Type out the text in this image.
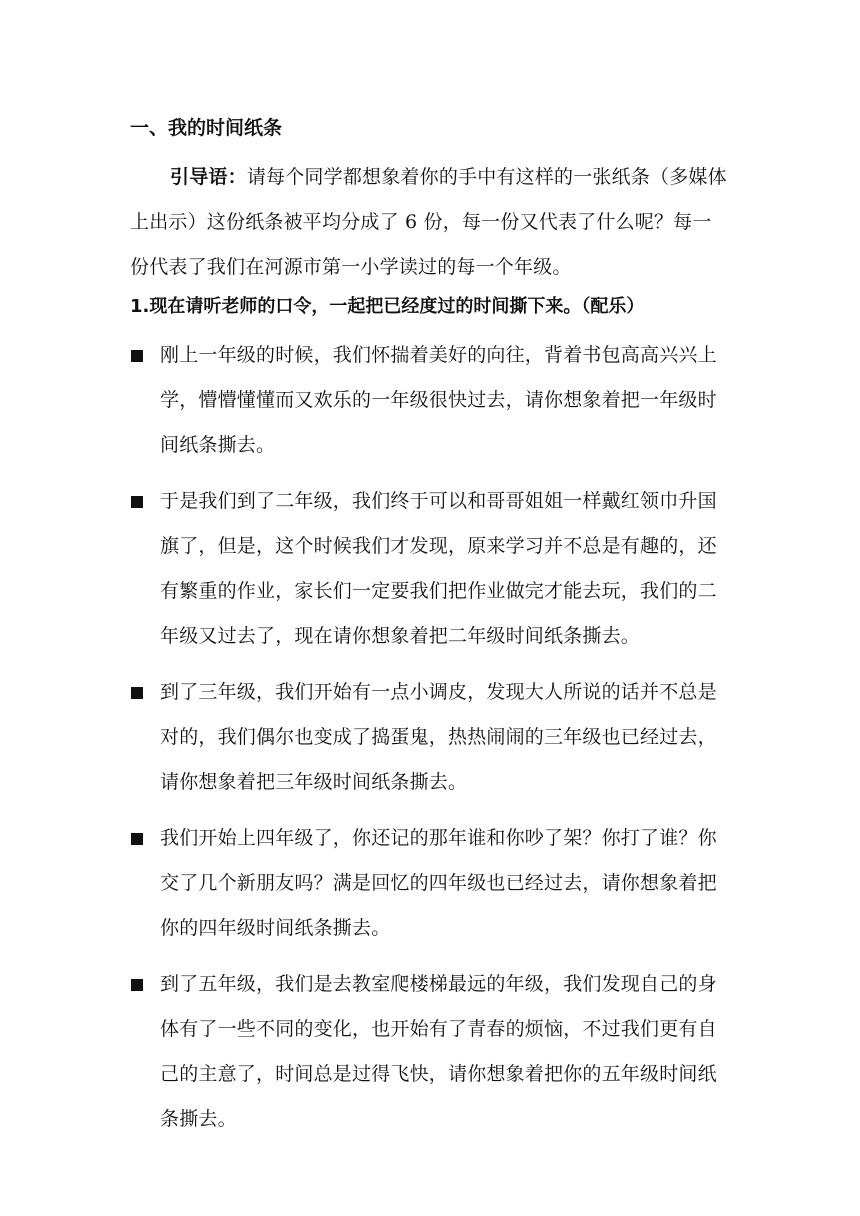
一、我的时间纸条

引导语：请每个同学都想象着你的手中有这样的一张纸条（多媒体上出示）这份纸条被平均分成了 6 份，每一份又代表了什么呢？每一份代表了我们在河源市第一小学读过的每一个年级。

1.现在请听老师的口令，一起把已经度过的时间撕下来。（配乐）
刚上一年级的时候，我们怀揣着美好的向往，背着书包高高兴兴上学，懵懵懂懂而又欢乐的一年级很快过去，请你想象着把一年级时间纸条撕去。
于是我们到了二年级，我们终于可以和哥哥姐姐一样戴红领巾升国旗了，但是，这个时候我们才发现，原来学习并不总是有趣的，还有繁重的作业，家长们一定要我们把作业做完才能去玩，我们的二年级又过去了，现在请你想象着把二年级时间纸条撕去。
到了三年级，我们开始有一点小调皮，发现大人所说的话并不总是对的，我们偶尔也变成了捣蛋鬼，热热闹闹的三年级也已经过去，请你想象着把三年级时间纸条撕去。
我们开始上四年级了，你还记的那年谁和你吵了架？你打了谁？你交了几个新朋友吗？满是回忆的四年级也已经过去，请你想象着把你的四年级时间纸条撕去。
到了五年级，我们是去教室爬楼梯最远的年级，我们发现自己的身体有了一些不同的变化，也开始有了青春的烦恼，不过我们更有自己的主意了，时间总是过得飞快，请你想象着把你的五年级时间纸条撕去。
